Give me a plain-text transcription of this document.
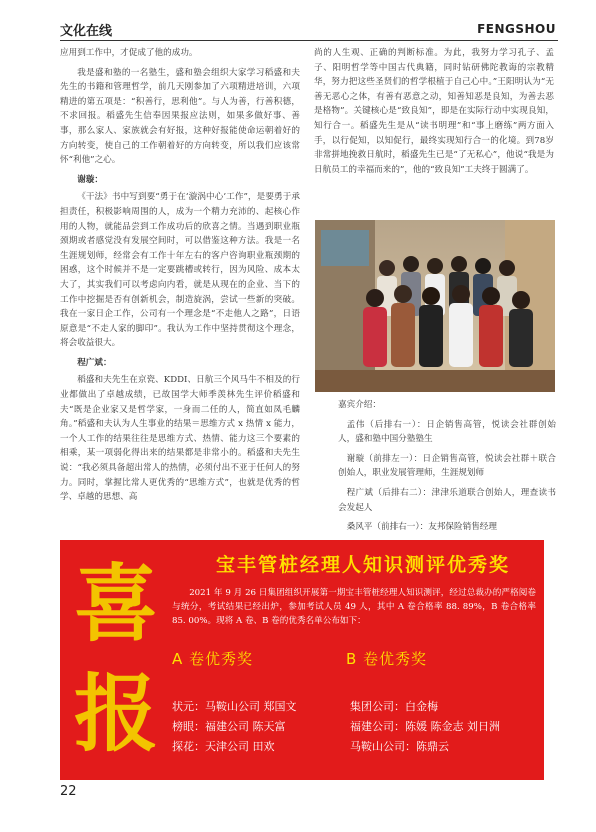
文化在线	FENGSHOU

应用到工作中，才促成了他的成功。

我是盛和塾的一名塾生，盛和塾会组织大家学习稻盛和夫先生的书籍和管理哲学，前几天刚参加了六项精进培训，六项精进的第五项是：“积善行，思利他”。与人为善，行善积德，不求回报。稻盛先生信奉因果报应法则，如果多做好事、善事，那么家人、家族就会有好报，这种好报能使命运朝着好的方向转变，使自己的工作朝着好的方向转变，所以我们应该常怀“利他”之心。

谢璇：

《干法》书中写到要“勇于在‘漩涡中心’工作”，是要勇于承担责任，积极影响周围的人，成为一个精力充沛的、起核心作用的人物，就能品尝到工作成功后的欣喜之情。当遇到职业瓶颈期或者感觉没有发展空间时，可以借鉴这种方法。我是一名生涯规划师，经常会有工作十年左右的客户咨询职业瓶颈期的困惑，这个时候并不是一定要跳槽或转行，因为风险、成本太大了，其实我们可以考虑向内看，就是从现在的企业、当下的工作中挖掘是否有创新机会，制造旋涡，尝试一些新的突破。我在一家日企工作，公司有一个理念是“不走他人之路”，日语原意是“不走人家的脚印”。我认为工作中坚持贯彻这个理念，将会收益很大。

程广斌：

稻盛和夫先生在京瓷、KDDI、日航三个风马牛不相及的行业都做出了卓越成绩，已故国学大师季羡林先生评价稻盛和夫“既是企业家又是哲学家，一身而二任的人，简直如凤毛麟角。”稻盛和夫认为人生事业的结果＝思维方式 x 热情 x 能力，一个人工作的结果往往是思维方式、热情、能力这三个要素的相乘，某一项弱化得出来的结果都是非常小的。稻盛和夫先生说：“我必须具备超出常人的热情，必须付出不亚于任何人的努力。同时，掌握比常人更优秀的“思维方式”，也就是优秀的哲学、卓越的思想、高

尚的人生观、正确的判断标准。为此，我努力学习孔子、孟子、阳明哲学等中国古代典籍，同时钻研佛陀教诲的宗教精华，努力把这些圣贤们的哲学根植于自己心中。”王阳明认为“无善无恶心之体，有善有恶意之动，知善知恶是良知，为善去恶是格物”。关键核心是“致良知”，即是在实际行动中实现良知，知行合一。稻盛先生是从“读书明理”和“事上磨练”两方面入手，以行促知，以知促行，最终实现知行合一的化境。到78岁非常拼地挽救日航时，稻盛先生已是“了无私心”，他说“我是为日航员工的幸福而来的”，他的“致良知”工夫终于圆满了。

嘉宾介绍：

孟伟（后排右一）：日企销售高管，悦读会社群创始人，盛和塾中国分塾塾生

谢璇（前排左一）：日企销售高管，悦读会社群＋联合创始人，职业发展管理师，生涯规划师

程广斌（后排右二）：津津乐道联合创始人，理查读书会发起人

桑风平（前排右一）：友邦保险销售经理

喜
报
宝丰管桩经理人知识测评优秀奖
2021 年 9 月 26 日集团组织开展第一期宝丰管桩经理人知识测评，经过总裁办的严格阅卷与统分，考试结果已经出炉，参加考试人员 49 人，其中 A 卷合格率 88. 89%，B 卷合格率 85. 00%。现将 A 卷、B 卷的优秀名单公布如下：
A 卷优秀奖	B 卷优秀奖
状元：马鞍山公司 郑国文
榜眼：福建公司 陈天富
探花：天津公司 田欢
集团公司：白金梅
福建公司：陈媛 陈金志 刘日洲
马鞍山公司：陈鼎云
22
